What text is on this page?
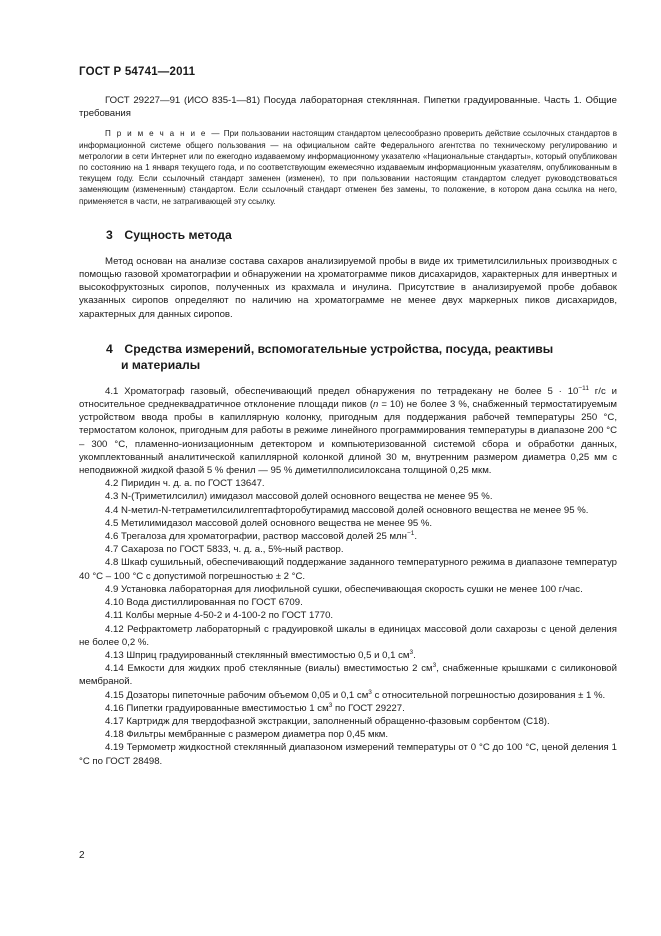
ГОСТ Р 54741—2011

ГОСТ 29227—91 (ИСО 835-1—81) Посуда лабораторная стеклянная. Пипетки градуированные. Часть 1. Общие требования

П р и м е ч а н и е — При пользовании настоящим стандартом целесообразно проверить действие ссылочных стандартов в информационной системе общего пользования — на официальном сайте Федерального агентства по техническому регулированию и метрологии в сети Интернет или по ежегодно издаваемому информационному указателю «Национальные стандарты», который опубликован по состоянию на 1 января текущего года, и по соответствующим ежемесячно издаваемым информационным указателям, опубликованным в текущем году. Если ссылочный стандарт заменен (изменен), то при пользовании настоящим стандартом следует руководствоваться заменяющим (измененным) стандартом. Если ссылочный стандарт отменен без замены, то положение, в котором дана ссылка на него, применяется в части, не затрагивающей эту ссылку.

3 Сущность метода

Метод основан на анализе состава сахаров анализируемой пробы в виде их триметилсилильных производных с помощью газовой хроматографии и обнаружении на хроматограмме пиков дисахаридов, характерных для инвертных и высокофруктозных сиропов, полученных из крахмала и инулина. Присутствие в анализируемой пробе добавок указанных сиропов определяют по наличию на хроматограмме не менее двух маркерных пиков дисахаридов, характерных для данных сиропов.

4 Средства измерений, вспомогательные устройства, посуда, реактивы
и материалы

4.1 Хроматограф газовый, обеспечивающий предел обнаружения по тетрадекану не более $5 \cdot 10^{-11}$ г/с и относительное среднеквадратичное отклонение площади пиков (n = 10) не более 3 %, снабженный термостатируемым устройством ввода пробы в капиллярную колонку, пригодным для поддержания рабочей температуры 250 °С, термостатом колонок, пригодным для работы в режиме линейного программирования температуры в диапазоне 200 °С – 300 °С, пламенно-ионизационным детектором и компьютеризованной системой сбора и обработки данных, укомплектованный аналитической капиллярной колонкой длиной 30 м, внутренним размером диаметра 0,25 мм с неподвижной жидкой фазой 5 % фенил — 95 % диметилполисилоксана толщиной 0,25 мкм.

4.2 Пиридин ч. д. а. по ГОСТ 13647.

4.3 N-(Триметилсилил) имидазол массовой долей основного вещества не менее 95 %.

4.4 N-метил-N-тетраметилсилилгептафторобутирамид массовой долей основного вещества не менее 95 %.

4.5 Метилимидазол массовой долей основного вещества не менее 95 %.

4.6 Трегалоза для хроматографии, раствор массовой долей 25 млн$^{-1}$.

4.7 Сахароза по ГОСТ 5833, ч. д. а., 5%-ный раствор.

4.8 Шкаф сушильный, обеспечивающий поддержание заданного температурного режима в диапазоне температур 40 °С – 100 °С с допустимой погрешностью ± 2 °С.

4.9 Установка лабораторная для лиофильной сушки, обеспечивающая скорость сушки не менее 100 г/час.

4.10 Вода дистиллированная по ГОСТ 6709.

4.11 Колбы мерные 4-50-2 и 4-100-2 по ГОСТ 1770.

4.12 Рефрактометр лабораторный с градуировкой шкалы в единицах массовой доли сахарозы с ценой деления не более 0,2 %.

4.13 Шприц градуированный стеклянный вместимостью 0,5 и 0,1 $см^3$.

4.14 Емкости для жидких проб стеклянные (виалы) вместимостью 2 $см^3$, снабженные крышками с силиконовой мембраной.

4.15 Дозаторы пипеточные рабочим объемом 0,05 и 0,1 $см^3$ с относительной погрешностью дозирования ± 1 %.

4.16 Пипетки градуированные вместимостью 1 $см^3$ по ГОСТ 29227.

4.17 Картридж для твердофазной экстракции, заполненный обращенно-фазовым сорбентом (С18).

4.18 Фильтры мембранные с размером диаметра пор 0,45 мкм.

4.19 Термометр жидкостной стеклянный диапазоном измерений температуры от 0 °С до 100 °С, ценой деления 1 °С по ГОСТ 28498.

2
